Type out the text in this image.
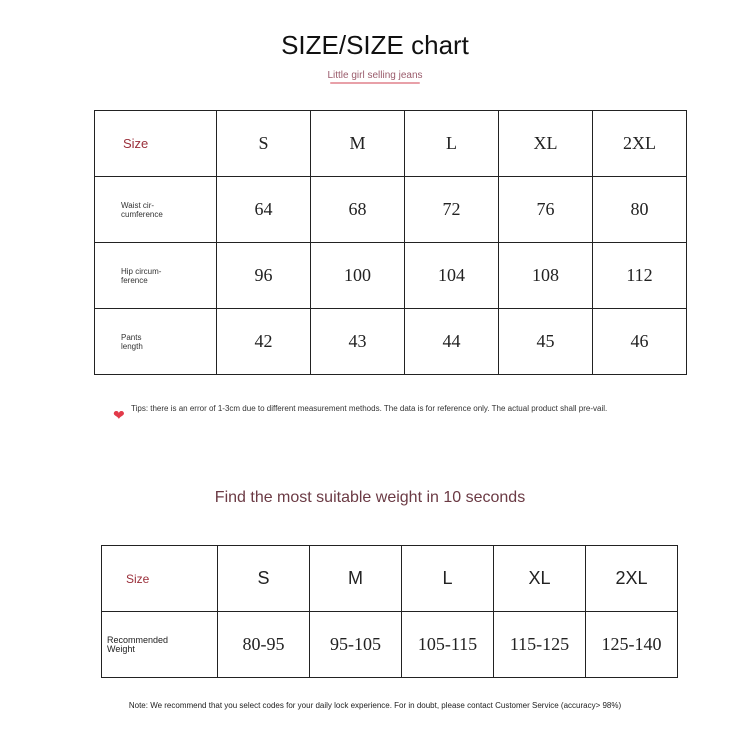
SIZE/SIZE chart
Little girl selling jeans
Size	S	M	L	XL	2XL
Waist cir-
cumference	64	68	72	76	80
Hip circum-
ference	96	100	104	108	112
Pants
length	42	43	44	45	46
❤ Tips: there is an error of 1-3cm due to different measurement methods. The data is for reference only. The actual product shall pre-vail.
Find the most suitable weight in 10 seconds
Size	S	M	L	XL	2XL
Recommended
Weight	80-95	95-105	105-115	115-125	125-140
Note: We recommend that you select codes for your daily lock experience. For in doubt, please contact Customer Service (accuracy> 98%)
